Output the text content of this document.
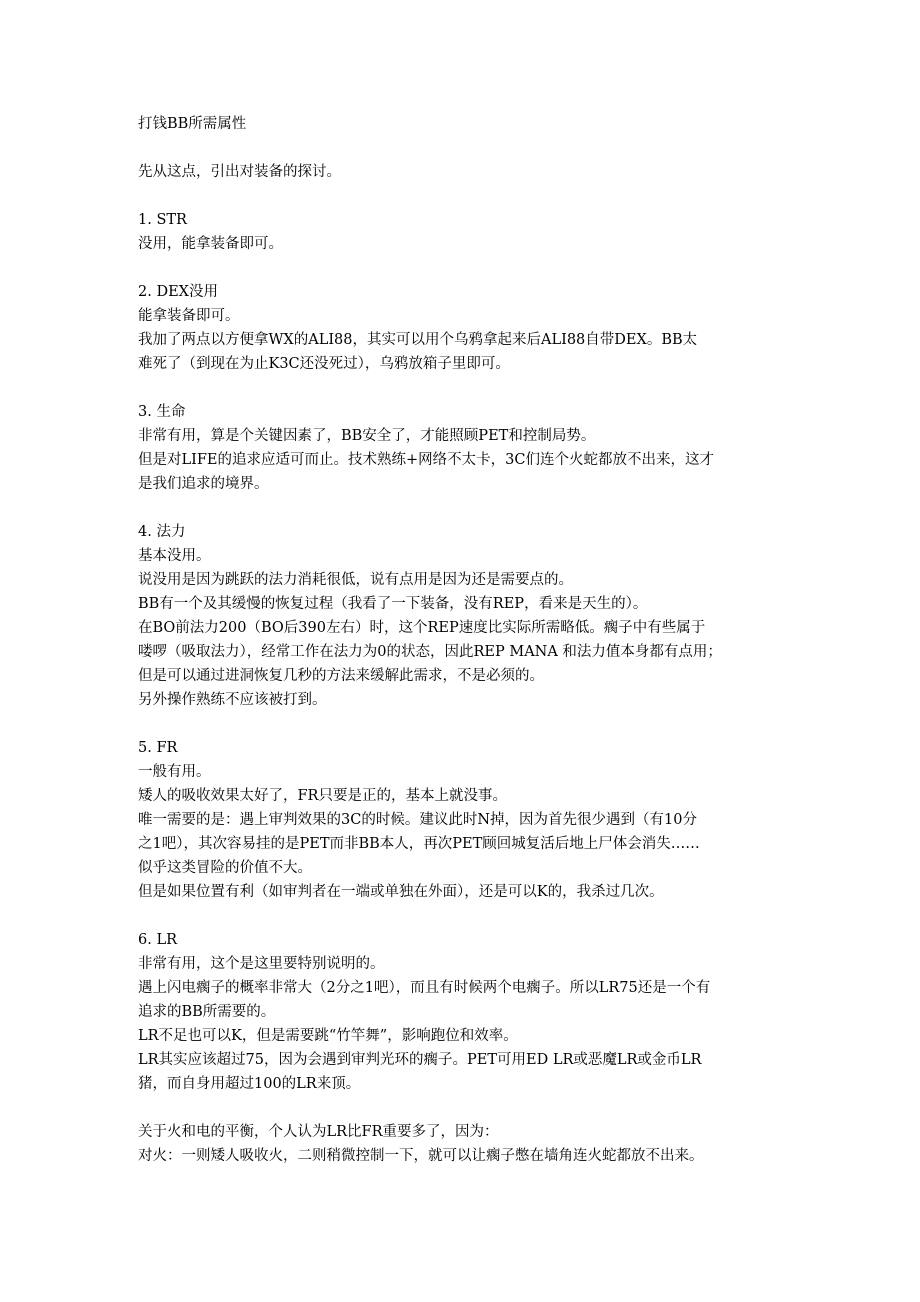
打钱BB所需属性
先从这点，引出对装备的探讨。
1. STR
没用，能拿装备即可。
2. DEX没用
能拿装备即可。
我加了两点以方便拿WX的ALI88，其实可以用个乌鸦拿起来后ALI88自带DEX。BB太
难死了（到现在为止K3C还没死过），乌鸦放箱子里即可。
3. 生命
非常有用，算是个关键因素了，BB安全了，才能照顾PET和控制局势。
但是对LIFE的追求应适可而止。技术熟练+网络不太卡，3C们连个火蛇都放不出来，这才
是我们追求的境界。
4. 法力
基本没用。
说没用是因为跳跃的法力消耗很低，说有点用是因为还是需要点的。
BB有一个及其缓慢的恢复过程（我看了一下装备，没有REP，看来是天生的）。
在BO前法力200（BO后390左右）时，这个REP速度比实际所需略低。瘸子中有些属于
喽啰（吸取法力），经常工作在法力为0的状态，因此REP MANA 和法力值本身都有点用；
但是可以通过进洞恢复几秒的方法来缓解此需求，不是必须的。
另外操作熟练不应该被打到。
5. FR
一般有用。
矮人的吸收效果太好了，FR只要是正的，基本上就没事。
唯一需要的是：遇上审判效果的3C的时候。建议此时N掉，因为首先很少遇到（有10分
之1吧），其次容易挂的是PET而非BB本人，再次PET顾回城复活后地上尸体会消失……
似乎这类冒险的价值不大。
但是如果位置有利（如审判者在一端或单独在外面），还是可以K的，我杀过几次。
6. LR
非常有用，这个是这里要特别说明的。
遇上闪电瘸子的概率非常大（2分之1吧），而且有时候两个电瘸子。所以LR75还是一个有
追求的BB所需要的。
LR不足也可以K，但是需要跳“竹竿舞”，影响跑位和效率。
LR其实应该超过75，因为会遇到审判光环的瘸子。PET可用ED LR或恶魔LR或金币LR
猪，而自身用超过100的LR来顶。
关于火和电的平衡，个人认为LR比FR重要多了，因为：
对火：一则矮人吸收火，二则稍微控制一下，就可以让瘸子憋在墙角连火蛇都放不出来。
